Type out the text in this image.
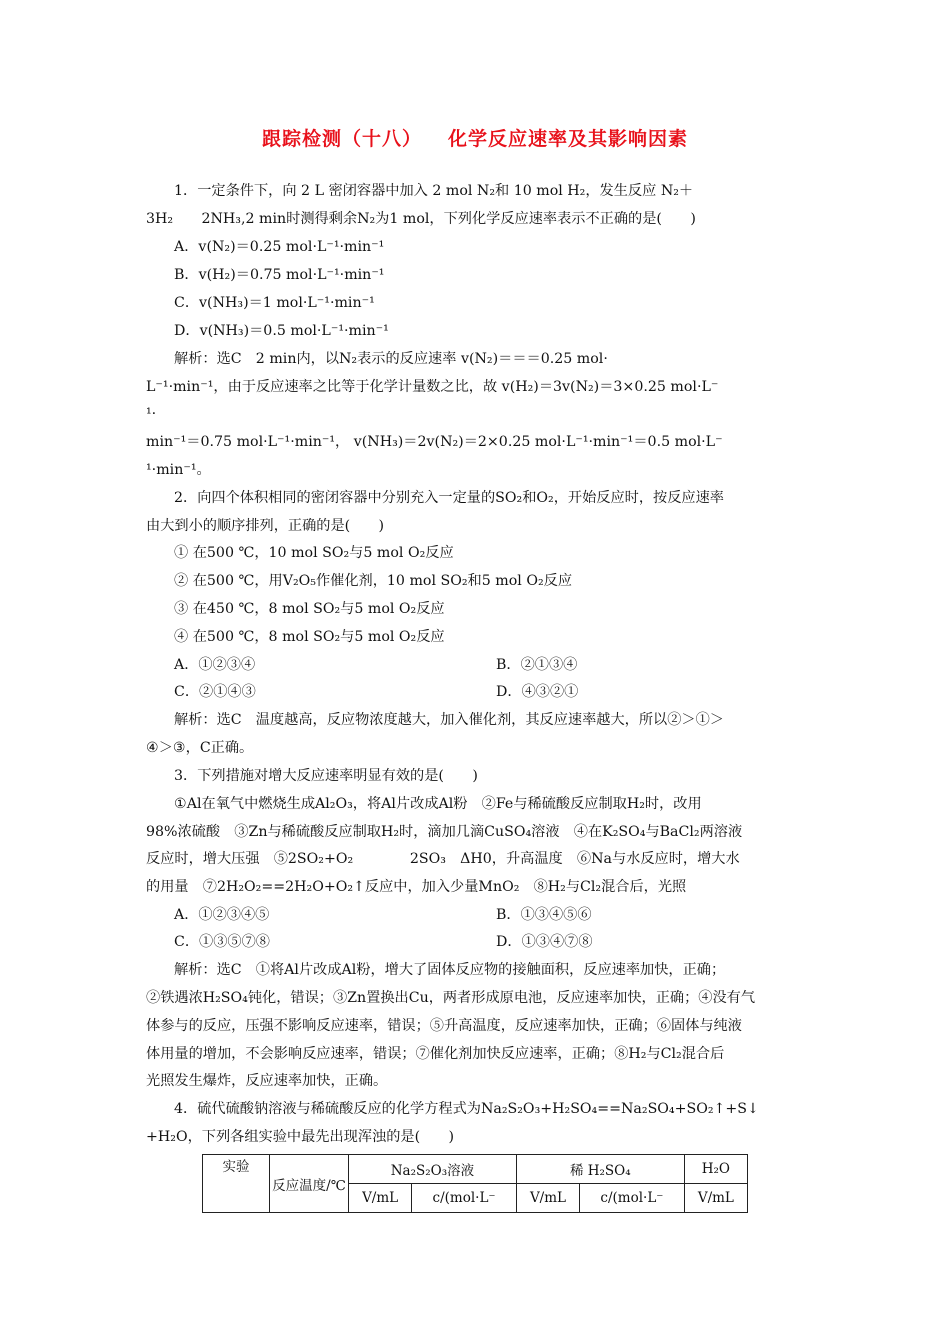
跟踪检测（十八） 化学反应速率及其影响因素
1．一定条件下，向 2 L 密闭容器中加入 2 mol N₂和 10 mol H₂，发生反应 N₂＋
3H₂　　2NH₃,2 min时测得剩余N₂为1 mol，下列化学反应速率表示不正确的是(　　)
A．v(N₂)＝0.25 mol·L⁻¹·min⁻¹
B．v(H₂)＝0.75 mol·L⁻¹·min⁻¹
C．v(NH₃)＝1 mol·L⁻¹·min⁻¹
D．v(NH₃)＝0.5 mol·L⁻¹·min⁻¹
解析：选C　2 min内，以N₂表示的反应速率 v(N₂)＝＝＝0.25 mol·
L⁻¹·min⁻¹，由于反应速率之比等于化学计量数之比，故 v(H₂)＝3v(N₂)＝3×0.25 mol·L⁻
¹·
min⁻¹＝0.75 mol·L⁻¹·min⁻¹， v(NH₃)＝2v(N₂)＝2×0.25 mol·L⁻¹·min⁻¹＝0.5 mol·L⁻
¹·min⁻¹。
2．向四个体积相同的密闭容器中分别充入一定量的SO₂和O₂，开始反应时，按反应速率
由大到小的顺序排列，正确的是(　　)
① 在500 ℃，10 mol SO₂与5 mol O₂反应
② 在500 ℃，用V₂O₅作催化剂，10 mol SO₂和5 mol O₂反应
③ 在450 ℃，8 mol SO₂与5 mol O₂反应
④ 在500 ℃，8 mol SO₂与5 mol O₂反应
A．①②③④	B．②①③④
C．②①④③	D．④③②①
解析：选C　温度越高，反应物浓度越大，加入催化剂，其反应速率越大，所以②＞①＞
④＞③，C正确。
3．下列措施对增大反应速率明显有效的是(　　)
①Al在氧气中燃烧生成Al₂O₃，将Al片改成Al粉　②Fe与稀硫酸反应制取H₂时，改用
98%浓硫酸　③Zn与稀硫酸反应制取H₂时，滴加几滴CuSO₄溶液　④在K₂SO₄与BaCl₂两溶液
反应时，增大压强　⑤2SO₂+O₂　　　　2SO₃　ΔH0，升高温度　⑥Na与水反应时，增大水
的用量　⑦2H₂O₂==2H₂O+O₂↑反应中，加入少量MnO₂　⑧H₂与Cl₂混合后，光照
A．①②③④⑤	B．①③④⑤⑥
C．①③⑤⑦⑧	D．①③④⑦⑧
解析：选C　①将Al片改成Al粉，增大了固体反应物的接触面积，反应速率加快，正确；
②铁遇浓H₂SO₄钝化，错误；③Zn置换出Cu，两者形成原电池，反应速率加快，正确；④没有气
体参与的反应，压强不影响反应速率，错误；⑤升高温度，反应速率加快，正确；⑥固体与纯液
体用量的增加，不会影响反应速率，错误；⑦催化剂加快反应速率，正确；⑧H₂与Cl₂混合后
光照发生爆炸，反应速率加快，正确。
4．硫代硫酸钠溶液与稀硫酸反应的化学方程式为Na₂S₂O₃+H₂SO₄==Na₂SO₄+SO₂↑+S↓
+H₂O，下列各组实验中最先出现浑浊的是(　　)
实验	反应温度/℃	Na₂S₂O₃溶液		稀 H₂SO₄		H₂O
		V/mL	c/(mol·L⁻	V/mL	c/(mol·L⁻	V/mL
